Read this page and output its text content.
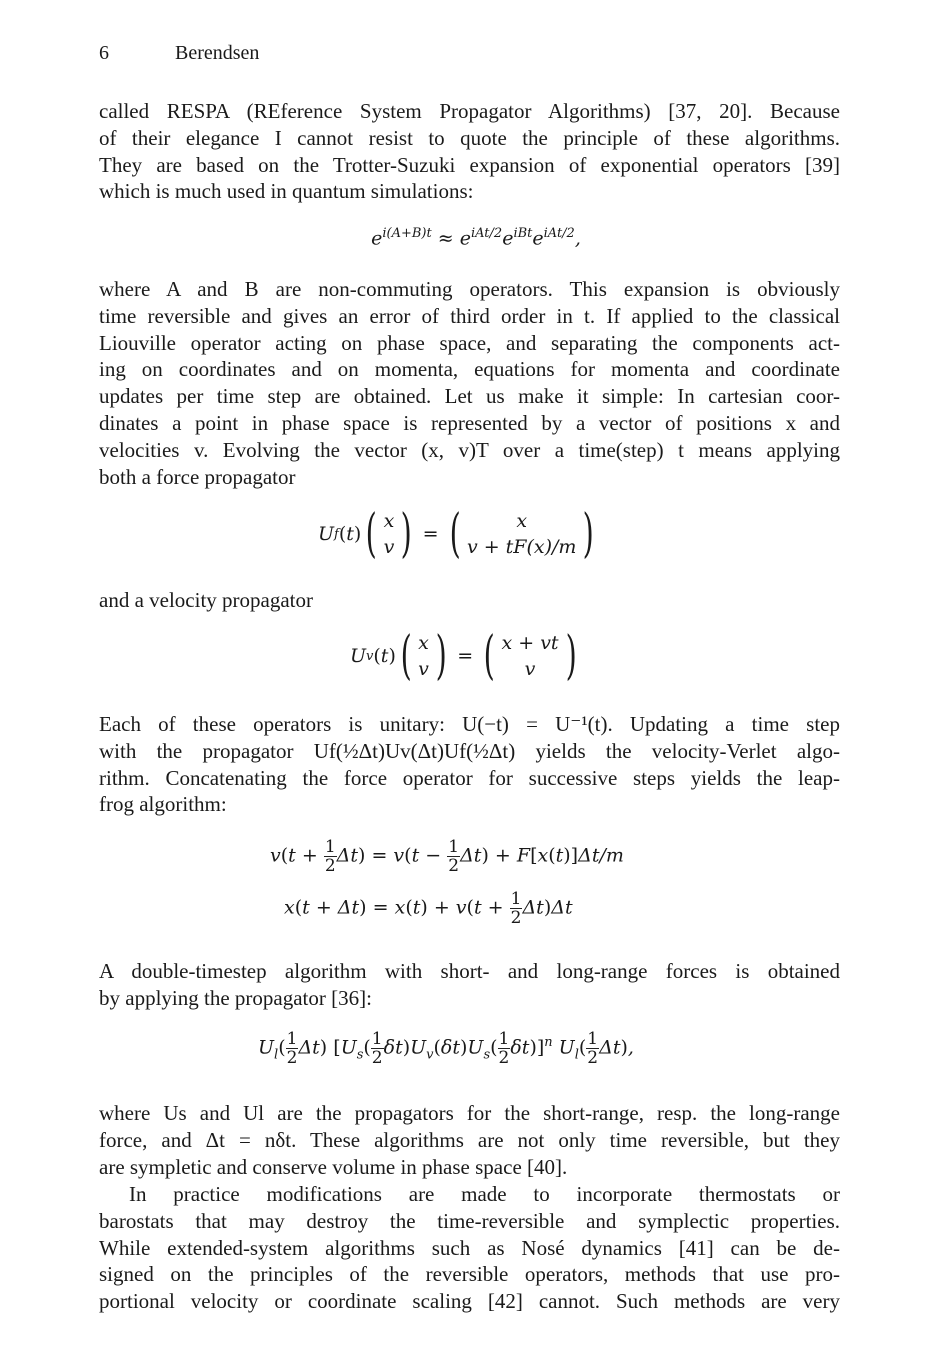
6	Berendsen
called RESPA (REference System Propagator Algorithms) [37, 20]. Because
of their elegance I cannot resist to quote the principle of these algorithms.
They are based on the Trotter-Suzuki expansion of exponential operators [39]
which is much used in quantum simulations:
$e^{i(A+B)t} \approx e^{iAt/2}e^{iBt}e^{iAt/2}$,
where A and B are non-commuting operators. This expansion is obviously
time reversible and gives an error of third order in t. If applied to the classical
Liouville operator acting on phase space, and separating the components act-
ing on coordinates and on momenta, equations for momenta and coordinate
updates per time step are obtained. Let us make it simple: In cartesian coor-
dinates a point in phase space is represented by a vector of positions x and
velocities v. Evolving the vector (x, v)T over a time(step) t means applying
both a force propagator
U f ( t ) ( x
v ) = (	x
v + tF(x)/m )
and a velocity propagator
U v ( t ) ( x
v ) = ( x + vt
v )
Each of these operators is unitary: U(−t) = U⁻¹(t). Updating a time step
with the propagator Uf(½Δt)Uv(Δt)Uf(½Δt) yields the velocity-Verlet algo-
rithm. Concatenating the force operator for successive steps yields the leap-
frog algorithm:
$v(t + \frac{1}{2} \Delta t) = v(t - \frac{1}{2} \Delta t) + F[x(t)]\Delta t/m$
$x(t + \Delta t) = x(t) + v(t + \frac{1}{2} \Delta t)\Delta t$
A double-timestep algorithm with short- and long-range forces is obtained
by applying the propagator [36]:
$U_l( \frac{1}{2} \Delta t)$ $[U_s( \frac{1}{2} \delta t)U_v(\delta t)U_s( \frac{1}{2} \delta t)]^n$ $U_l( \frac{1}{2} \Delta t)$,
where Us and Ul are the propagators for the short-range, resp. the long-range
force, and Δt = nδt. These algorithms are not only time reversible, but they
are sympletic and conserve volume in phase space [40].
In practice modifications are made to incorporate thermostats or
barostats that may destroy the time-reversible and symplectic properties.
While extended-system algorithms such as Nosé dynamics [41] can be de-
signed on the principles of the reversible operators, methods that use pro-
portional velocity or coordinate scaling [42] cannot. Such methods are very
